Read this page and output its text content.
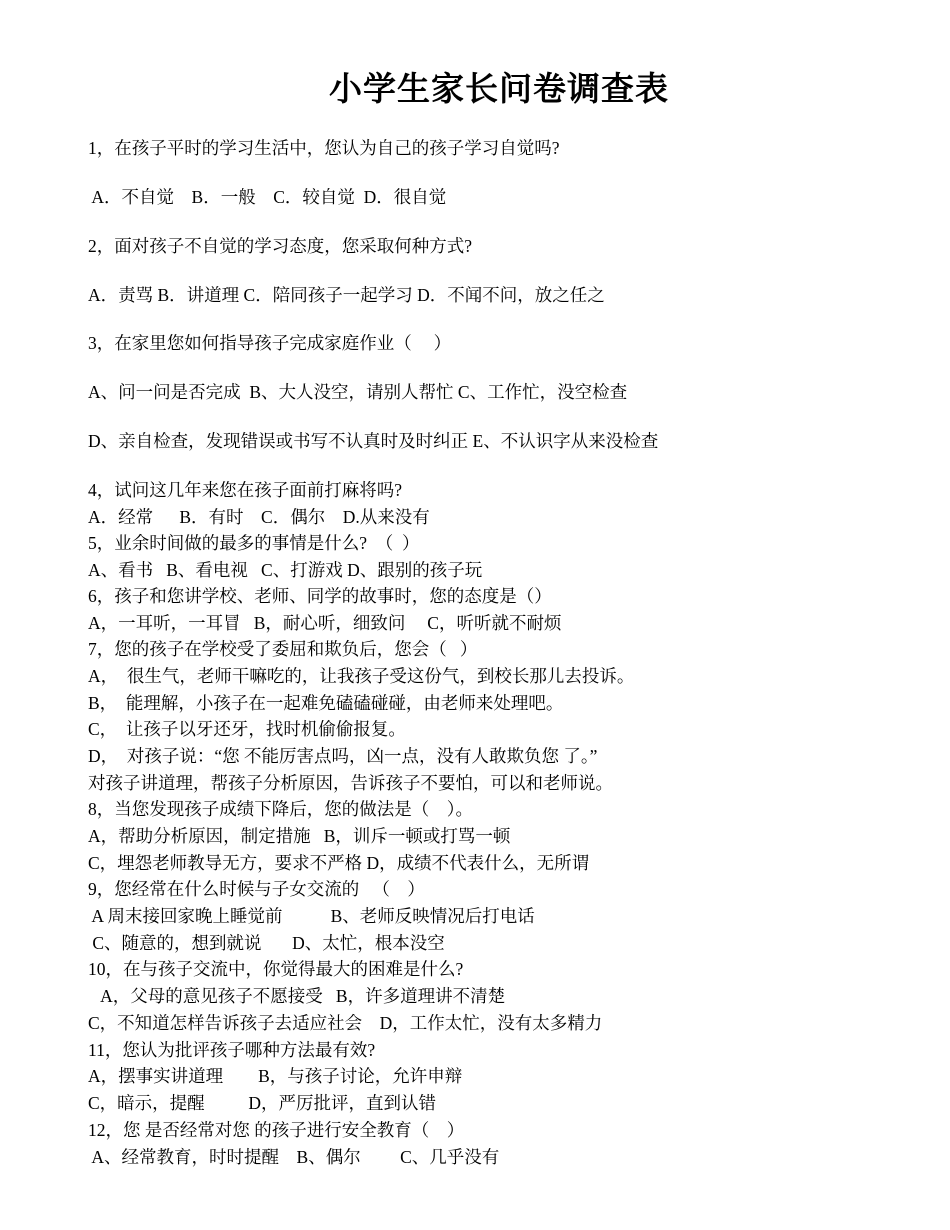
小学生家长问卷调查表
1，在孩子平时的学习生活中，您认为自己的孩子学习自觉吗?
A．不自觉    B．一般    C．较自觉  D．很自觉
2，面对孩子不自觉的学习态度，您采取何种方式?
A．责骂 B．讲道理 C．陪同孩子一起学习 D．不闻不问，放之任之
3，在家里您如何指导孩子完成家庭作业（     ）
A、问一问是否完成  B、大人没空，请别人帮忙 C、工作忙，没空检查
D、亲自检查，发现错误或书写不认真时及时纠正 E、不认识字从来没检查
4，试问这几年来您在孩子面前打麻将吗?
A．经常      B．有时    C．偶尔    D.从来没有
5，业余时间做的最多的事情是什么?  （  ）
A、看书   B、看电视   C、打游戏 D、跟别的孩子玩
6，孩子和您讲学校、老师、同学的故事时，您的态度是（）
A，一耳听，一耳冒   B，耐心听，细致问     C，听听就不耐烦
7，您的孩子在学校受了委屈和欺负后，您会（   ）
A，  很生气，老师干嘛吃的，让我孩子受这份气，到校长那儿去投诉。
B，  能理解，小孩子在一起难免磕磕碰碰，由老师来处理吧。
C，  让孩子以牙还牙，找时机偷偷报复。
D，  对孩子说：“您 不能厉害点吗，凶一点，没有人敢欺负您 了。”
对孩子讲道理，帮孩子分析原因，告诉孩子不要怕，可以和老师说。
8，当您发现孩子成绩下降后，您的做法是（    ）。
A，帮助分析原因，制定措施   B，训斥一顿或打骂一顿
C，埋怨老师教导无方，要求不严格 D，成绩不代表什么，无所谓
9，您经常在什么时候与子女交流的   （    ）
A 周末接回家晚上睡觉前           B、老师反映情况后打电话
C、随意的，想到就说       D、太忙，根本没空
10，在与孩子交流中，你觉得最大的困难是什么?
A，父母的意见孩子不愿接受   B，许多道理讲不清楚
C，不知道怎样告诉孩子去适应社会    D，工作太忙，没有太多精力
11，您认为批评孩子哪种方法最有效?
A，摆事实讲道理        B，与孩子讨论，允许申辩
C，暗示，提醒          D，严厉批评，直到认错
12，您 是否经常对您 的孩子进行安全教育（    ）
A、经常教育，时时提醒    B、偶尔         C、几乎没有
